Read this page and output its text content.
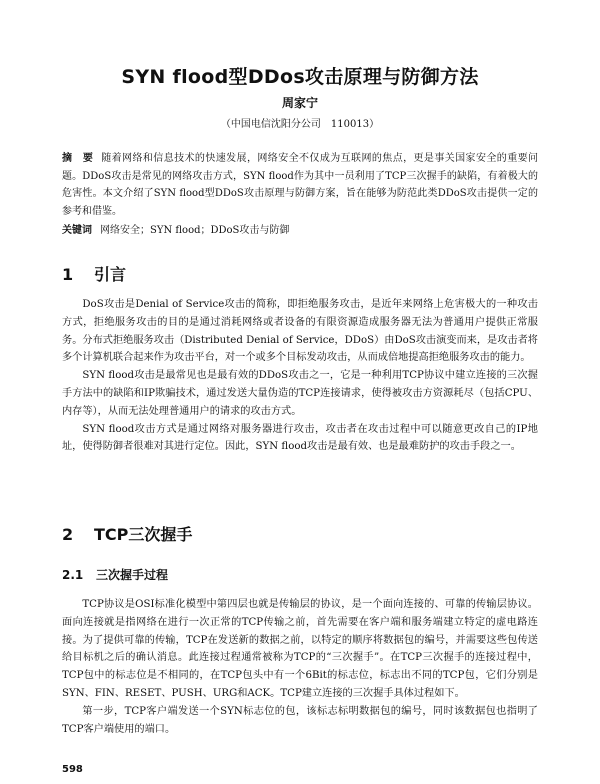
SYN flood型DDos攻击原理与防御方法
周家宁
（中国电信沈阳分公司　110013）
摘　要 随着网络和信息技术的快速发展，网络安全不仅成为互联网的焦点，更是事关国家安全的重要问题。DDoS攻击是常见的网络攻击方式，SYN flood作为其中一员利用了TCP三次握手的缺陷，有着极大的危害性。本文介绍了SYN flood型DDoS攻击原理与防御方案，旨在能够为防范此类DDoS攻击提供一定的参考和借鉴。
关键词 网络安全；SYN flood；DDoS攻击与防御
1 引言

DoS攻击是Denial of Service攻击的简称，即拒绝服务攻击，是近年来网络上危害极大的一种攻击方式，拒绝服务攻击的目的是通过消耗网络或者设备的有限资源造成服务器无法为普通用户提供正常服务。分布式拒绝服务攻击（Distributed Denial of Service，DDoS）由DoS攻击演变而来，是攻击者将多个计算机联合起来作为攻击平台，对一个或多个目标发动攻击，从而成倍地提高拒绝服务攻击的能力。

SYN flood攻击是最常见也是最有效的DDoS攻击之一，它是一种利用TCP协议中建立连接的三次握手方法中的缺陷和IP欺骗技术，通过发送大量伪造的TCP连接请求，使得被攻击方资源耗尽（包括CPU、内存等），从而无法处理普通用户的请求的攻击方式。

SYN flood攻击方式是通过网络对服务器进行攻击，攻击者在攻击过程中可以随意更改自己的IP地址，使得防御者很难对其进行定位。因此，SYN flood攻击是最有效、也是最难防护的攻击手段之一。

2 TCP三次握手
2.1 三次握手过程

TCP协议是OSI标准化模型中第四层也就是传输层的协议，是一个面向连接的、可靠的传输层协议。面向连接就是指网络在进行一次正常的TCP传输之前，首先需要在客户端和服务端建立特定的虚电路连接。为了提供可靠的传输，TCP在发送新的数据之前，以特定的顺序将数据包的编号，并需要这些包传送给目标机之后的确认消息。此连接过程通常被称为TCP的“三次握手”。在TCP三次握手的连接过程中，TCP包中的标志位是不相同的，在TCP包头中有一个6Bit的标志位，标志出不同的TCP包，它们分别是SYN、FIN、RESET、PUSH、URG和ACK。TCP建立连接的三次握手具体过程如下。

第一步，TCP客户端发送一个SYN标志位的包，该标志标明数据包的编号，同时该数据包也指明了TCP客户端使用的端口。

598
